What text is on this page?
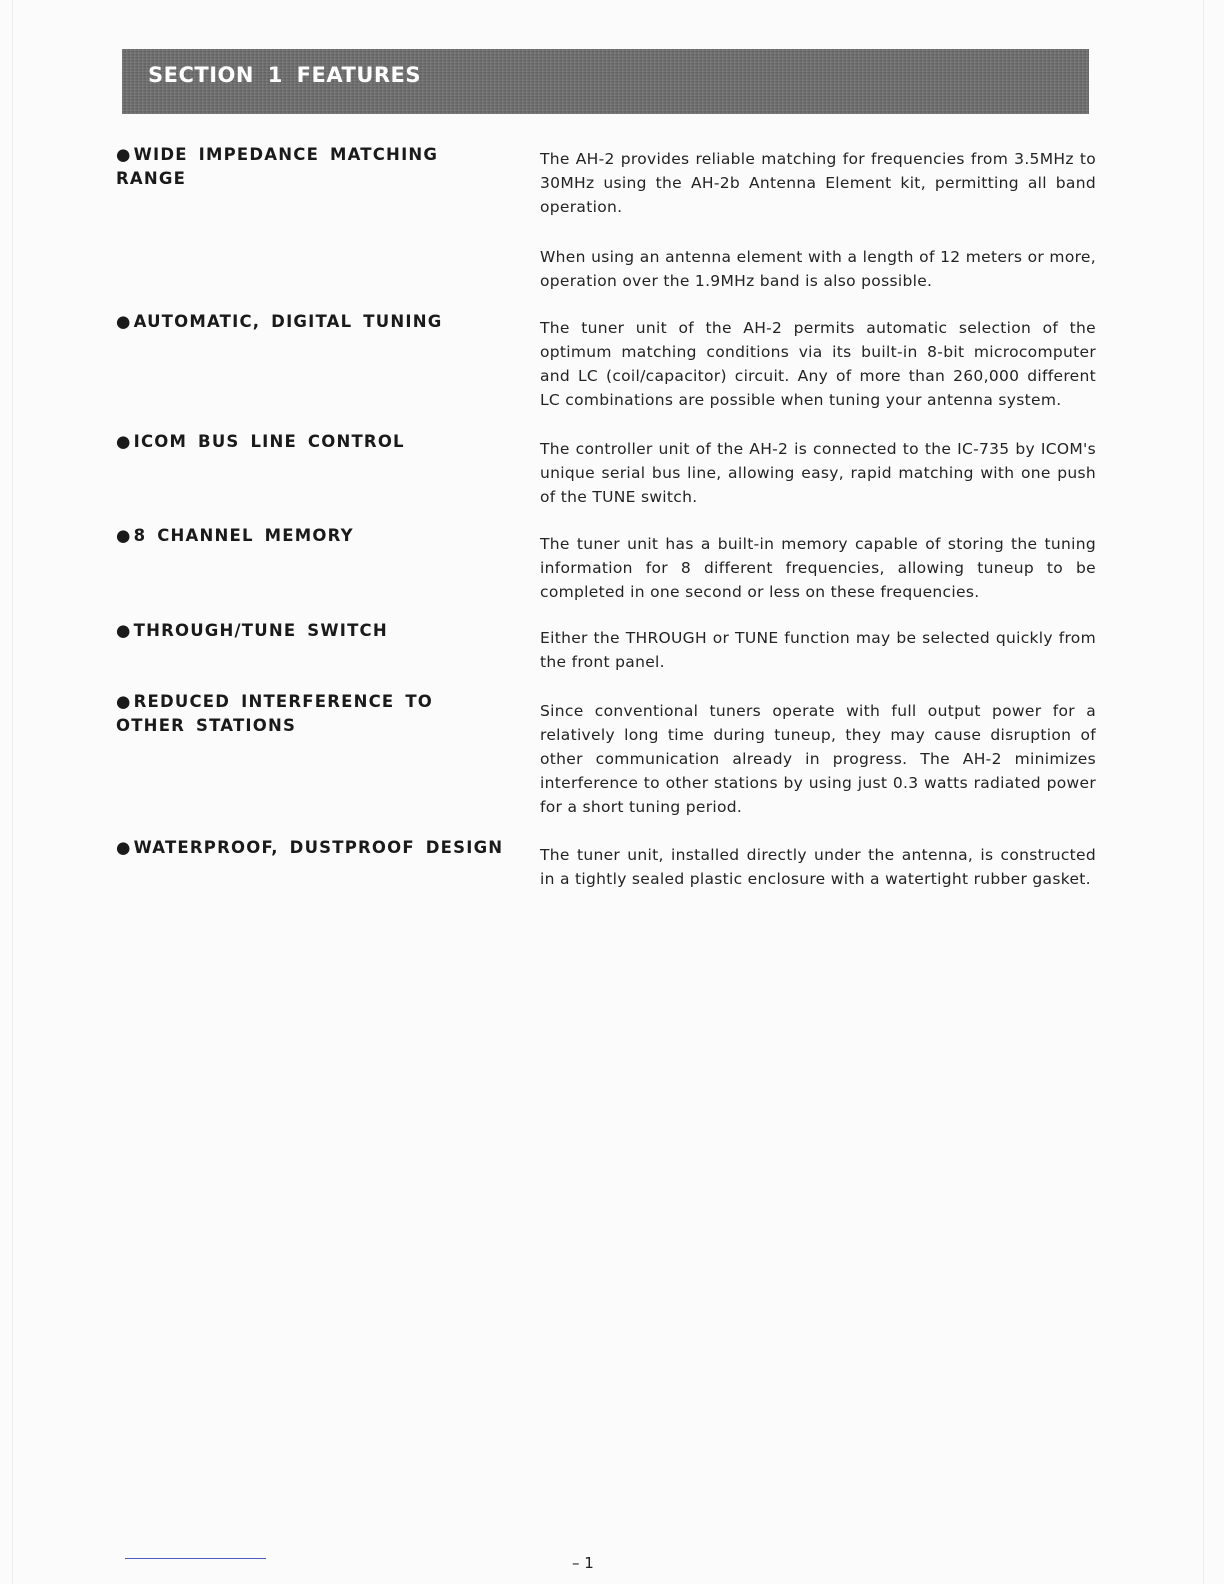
SECTION 1 FEATURES
● WIDE IMPEDANCE MATCHING RANGE

The AH-2 provides reliable matching for frequencies from 3.5MHz to 30MHz using the AH-2b Antenna Element kit, permitting all band operation.

When using an antenna element with a length of 12 meters or more, operation over the 1.9MHz band is also possible.

● AUTOMATIC, DIGITAL TUNING	The tuner unit of the AH-2 permits automatic selection of the optimum matching conditions via its built-in 8-bit microcomputer and LC (coil/capacitor) circuit. Any of more than 260,000 different LC combinations are possible when tuning your antenna system.

● ICOM BUS LINE CONTROL	The controller unit of the AH-2 is connected to the IC-735 by ICOM's unique serial bus line, allowing easy, rapid matching with one push of the TUNE switch.

● 8 CHANNEL MEMORY	The tuner unit has a built-in memory capable of storing the tuning information for 8 different frequencies, allowing tuneup to be completed in one second or less on these frequencies.

● THROUGH/TUNE SWITCH	Either the THROUGH or TUNE function may be selected quickly from the front panel.

● REDUCED INTERFERENCE TO
OTHER STATIONS

Since conventional tuners operate with full output power for a relatively long time during tuneup, they may cause disruption of other communication already in progress. The AH-2 minimizes interference to other stations by using just 0.3 watts radiated power for a short tuning period.

● WATERPROOF, DUSTPROOF DESIGN	The tuner unit, installed directly under the antenna, is constructed in a tightly sealed plastic enclosure with a watertight rubber gasket.

– 1
